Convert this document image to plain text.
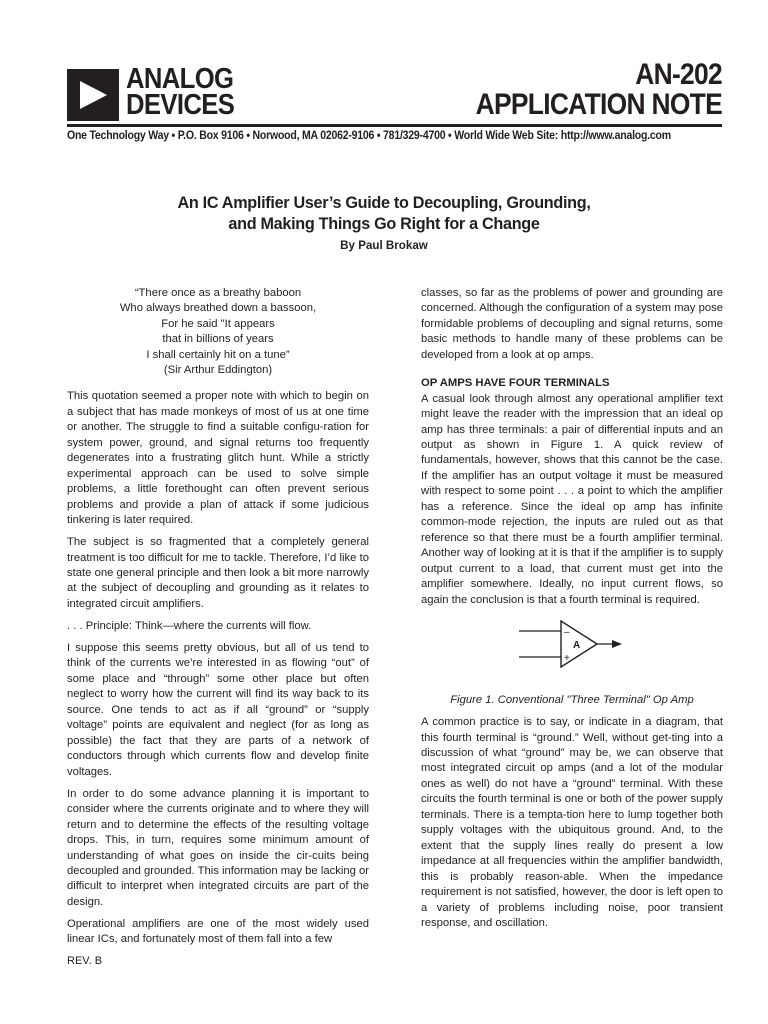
ANALOG
DEVICES
AN-202
APPLICATION NOTE
One Technology Way • P.O. Box 9106 • Norwood, MA 02062-9106 • 781/329-4700 • World Wide Web Site: http://www.analog.com
An IC Amplifier User’s Guide to Decoupling, Grounding,
and Making Things Go Right for a Change
By Paul Brokaw
“There once as a breathy baboon
Who always breathed down a bassoon,
For he said "It appears
that in billions of years
I shall certainly hit on a tune”
(Sir Arthur Eddington)

This quotation seemed a proper note with which to begin on a subject that has made monkeys of most of us at one time or another. The struggle to find a suitable configu-ration for system power, ground, and signal returns too frequently degenerates into a frustrating glitch hunt. While a strictly experimental approach can be used to solve simple problems, a little forethought can often prevent serious problems and provide a plan of attack if some judicious tinkering is later required.

The subject is so fragmented that a completely general treatment is too difficult for me to tackle. Therefore, I’d like to state one general principle and then look a bit more narrowly at the subject of decoupling and grounding as it relates to integrated circuit amplifiers.

. . . Principle: Think—where the currents will flow.

I suppose this seems pretty obvious, but all of us tend to think of the currents we’re interested in as flowing “out” of some place and “through” some other place but often neglect to worry how the current will find its way back to its source. One tends to act as if all “ground” or “supply voltage” points are equivalent and neglect (for as long as possible) the fact that they are parts of a network of conductors through which currents flow and develop finite voltages.

In order to do some advance planning it is important to consider where the currents originate and to where they will return and to determine the effects of the resulting voltage drops. This, in turn, requires some minimum amount of understanding of what goes on inside the cir-cuits being decoupled and grounded. This information may be lacking or difficult to interpret when integrated circuits are part of the design.

Operational amplifiers are one of the most widely used linear ICs, and fortunately most of them fall into a few

classes, so far as the problems of power and grounding are concerned. Although the configuration of a system may pose formidable problems of decoupling and signal returns, some basic methods to handle many of these problems can be developed from a look at op amps.

OP AMPS HAVE FOUR TERMINALS

A casual look through almost any operational amplifier text might leave the reader with the impression that an ideal op amp has three terminals: a pair of differential inputs and an output as shown in Figure 1. A quick review of fundamentals, however, shows that this cannot be the case. If the amplifier has an output voltage it must be measured with respect to some point . . . a point to which the amplifier has a reference. Since the ideal op amp has infinite common-mode rejection, the inputs are ruled out as that reference so that there must be a fourth amplifier terminal. Another way of looking at it is that if the amplifier is to supply output current to a load, that current must get into the amplifier somewhere. Ideally, no input current flows, so again the conclusion is that a fourth terminal is required.

–
+
A
Figure 1. Conventional "Three Terminal" Op Amp

A common practice is to say, or indicate in a diagram, that this fourth terminal is “ground.” Well, without get-ting into a discussion of what “ground” may be, we can observe that most integrated circuit op amps (and a lot of the modular ones as well) do not have a “ground” terminal. With these circuits the fourth terminal is one or both of the power supply terminals. There is a tempta-tion here to lump together both supply voltages with the ubiquitous ground. And, to the extent that the supply lines really do present a low impedance at all frequencies within the amplifier bandwidth, this is probably reason-able. When the impedance requirement is not satisfied, however, the door is left open to a variety of problems including noise, poor transient response, and oscillation.

REV. B
